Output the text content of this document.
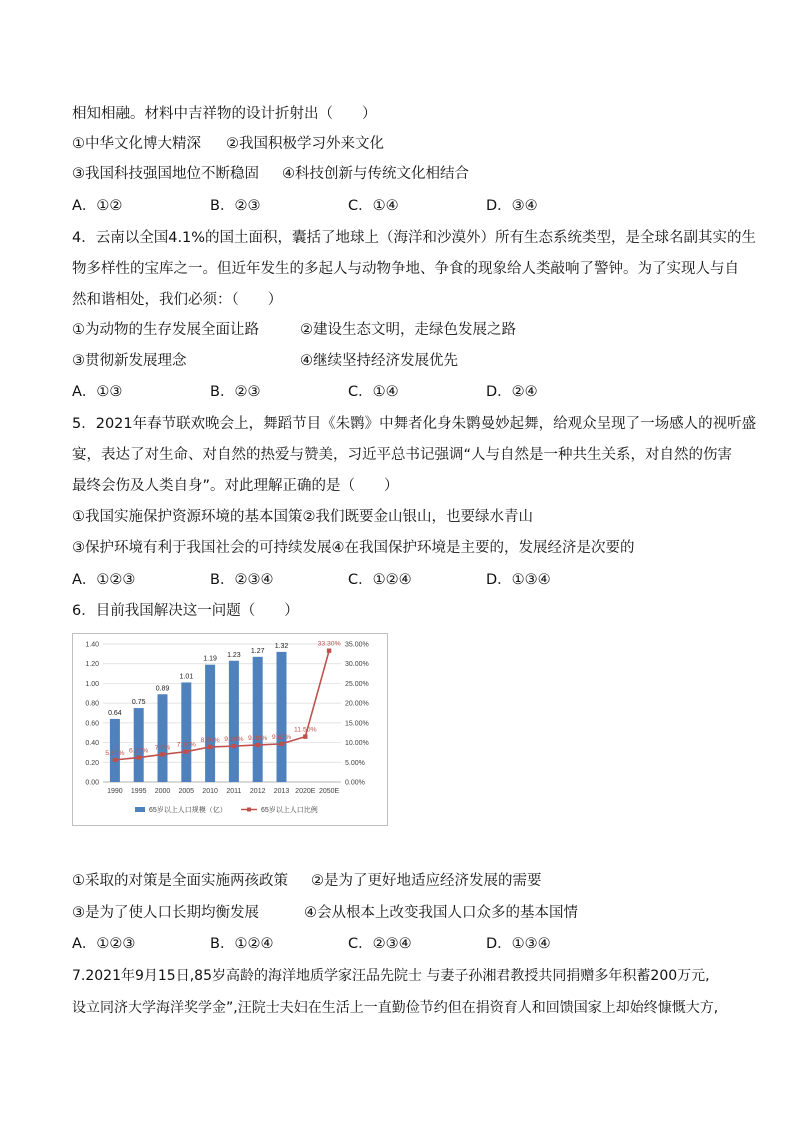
相知相融。材料中吉祥物的设计折射出（　　）
①中华文化博大精深 ②我国积极学习外来文化
③我国科技强国地位不断稳固 ④科技创新与传统文化相结合
A．①②	B．②③	C．①④	D．③④
4．云南以全国4.1%的国土面积，囊括了地球上（海洋和沙漠外）所有生态系统类型，是全球名副其实的生
物多样性的宝库之一。但近年发生的多起人与动物争地、争食的现象给人类敲响了警钟。为了实现人与自
然和谐相处，我们必须：（　　）
①为动物的生存发展全面让路	②建设生态文明，走绿色发展之路
③贯彻新发展理念	④继续坚持经济发展优先
A．①③	B．②③	C．①④	D．②④
5．2021年春节联欢晚会上，舞蹈节目《朱鹮》中舞者化身朱鹮曼妙起舞，给观众呈现了一场感人的视听盛
宴，表达了对生命、对自然的热爱与赞美，习近平总书记强调“人与自然是一种共生关系，对自然的伤害
最终会伤及人类自身”。对此理解正确的是（　　）
①我国实施保护资源环境的基本国策②我们既要金山银山，也要绿水青山
③保护环境有利于我国社会的可持续发展④在我国保护环境是主要的，发展经济是次要的
A．①②③	B．②③④	C．①②④	D．①③④
6．目前我国解决这一问题（　　）
0.00
0.20
0.40
0.60
0.80
1.00
1.20
1.40
0.00%
5.00%
10.00%
15.00%
20.00%
25.00%
30.00%
35.00%
0.64
1990
0.75
1995
0.89
2000
1.01
2005
1.19
2010
1.23
2011
1.27
2012
1.32
2013 2020E 2050E
5.60% 6.20% 7.0% 7.70%
8.90% 9.10% 9.39% 9.67%
11.50%
33.30%
65岁以上人口规模（亿）	65岁以上人口比例
①采取的对策是全面实施两孩政策 ②是为了更好地适应经济发展的需要
③是为了使人口长期均衡发展	④会从根本上改变我国人口众多的基本国情
A．①②③	B．①②④	C．②③④	D．①③④
7.2021年9月15日,85岁高龄的海洋地质学家汪品先院士 与妻子孙湘君教授共同捐赠多年积蓄200万元,
设立同济大学海洋奖学金”,汪院士夫妇在生活上一直勤俭节约但在捐资育人和回馈国家上却始终慷慨大方,
